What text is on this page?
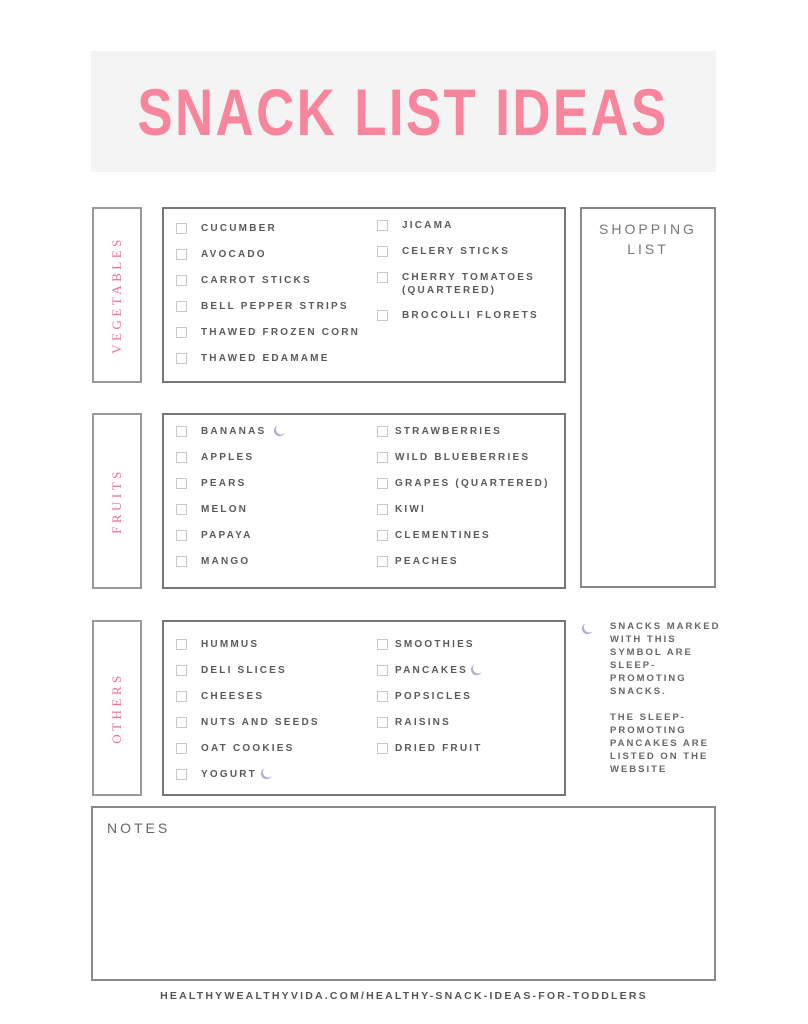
SNACK LIST IDEAS
VEGETABLES
CUCUMBER
AVOCADO
CARROT STICKS
BELL PEPPER STRIPS
THAWED FROZEN CORN
THAWED EDAMAME
JICAMA
CELERY STICKS
CHERRY TOMATOES
(QUARTERED)
BROCOLLI FLORETS
FRUITS
BANANAS
APPLES
PEARS
MELON
PAPAYA
MANGO
STRAWBERRIES
WILD BLUEBERRIES
GRAPES (QUARTERED)
KIWI
CLEMENTINES
PEACHES
SHOPPING
LIST
OTHERS
HUMMUS
DELI SLICES
CHEESES
NUTS AND SEEDS
OAT COOKIES
YOGURT
SMOOTHIES
PANCAKES
POPSICLES
RAISINS
DRIED FRUIT
SNACKS MARKED WITH THIS SYMBOL ARE SLEEP-PROMOTING SNACKS.
THE SLEEP-PROMOTING PANCAKES ARE LISTED ON THE WEBSITE
NOTES
HEALTHYWEALTHYVIDA.COM/HEALTHY-SNACK-IDEAS-FOR-TODDLERS
